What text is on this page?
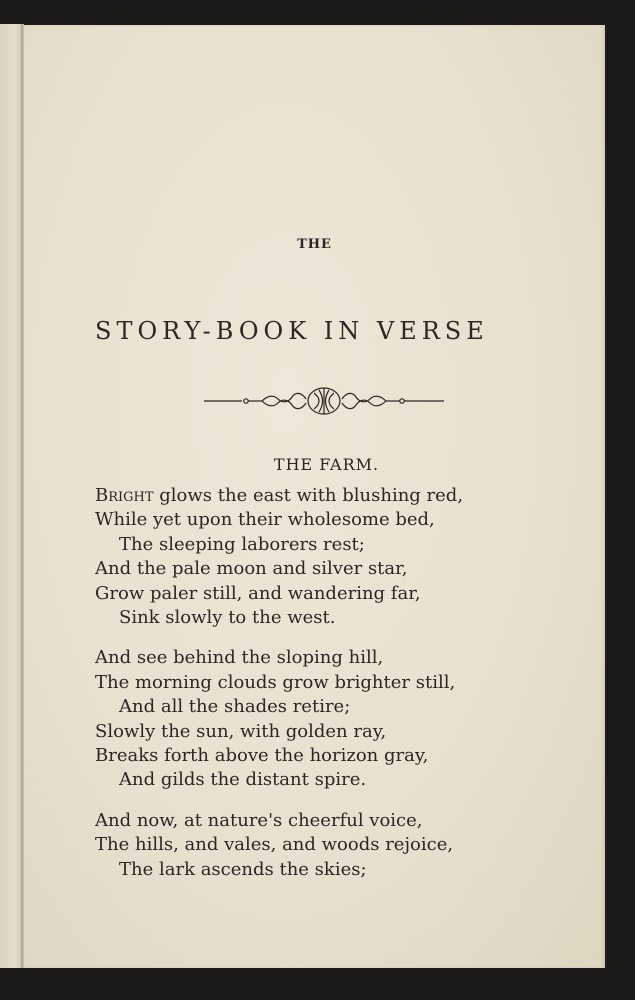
THE
STORY-BOOK IN VERSE
THE FARM.
Bright glows the east with blushing red,
While yet upon their wholesome bed,
The sleeping laborers rest;
And the pale moon and silver star,
Grow paler still, and wandering far,
Sink slowly to the west.
And see behind the sloping hill,
The morning clouds grow brighter still,
And all the shades retire;
Slowly the sun, with golden ray,
Breaks forth above the horizon gray,
And gilds the distant spire.
And now, at nature's cheerful voice,
The hills, and vales, and woods rejoice,
The lark ascends the skies;
